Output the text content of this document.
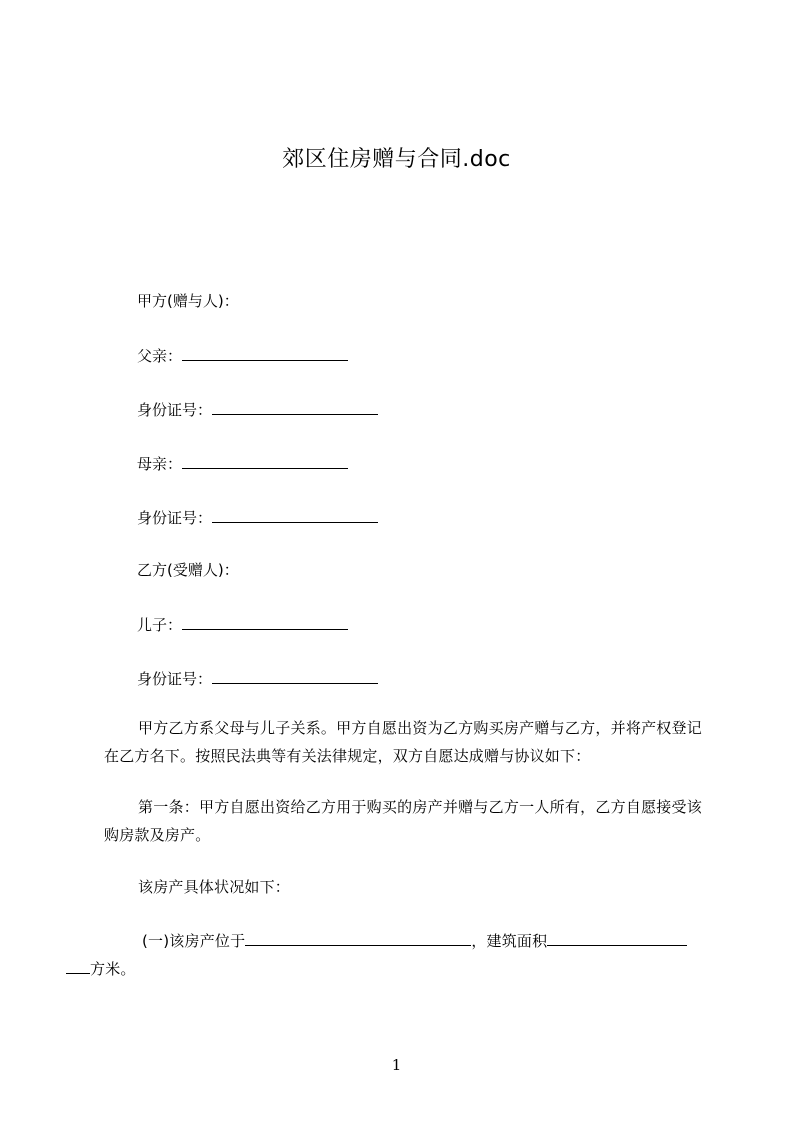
郊区住房赠与合同.doc
甲方(赠与人)：
父亲：
身份证号：
母亲：
身份证号：
乙方(受赠人)：
儿子：
身份证号：
甲方乙方系父母与儿子关系。甲方自愿出资为乙方购买房产赠与乙方，并将产权登记在乙方名下。按照民法典等有关法律规定，双方自愿达成赠与协议如下：
第一条：甲方自愿出资给乙方用于购买的房产并赠与乙方一人所有，乙方自愿接受该购房款及房产。
该房产具体状况如下：
(一)该房产位于	，建筑面积
方米。
1
